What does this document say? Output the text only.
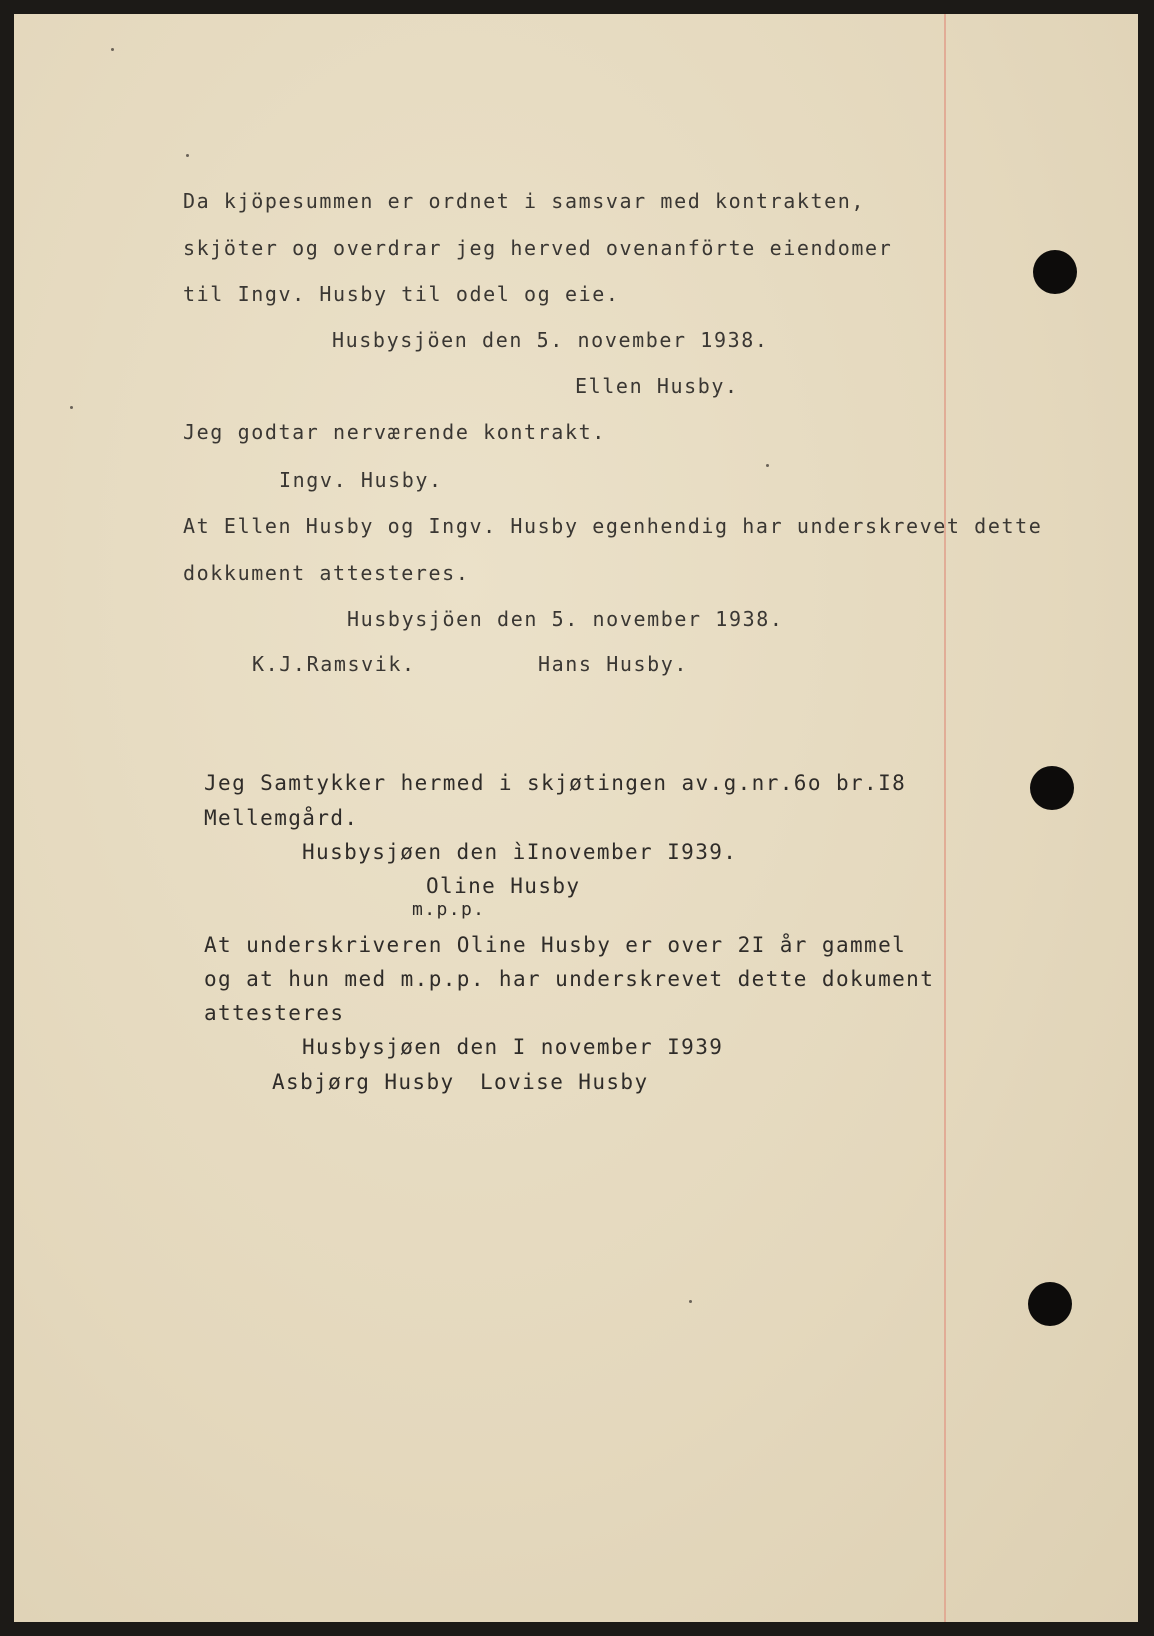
Da kjöpesummen er ordnet i samsvar med kontrakten,
skjöter og overdrar jeg herved ovenanförte eiendomer
til Ingv. Husby til odel og eie.
Husbysjöen den 5. november 1938.
Ellen Husby.
Jeg godtar nerværende kontrakt.
Ingv. Husby.
At Ellen Husby og Ingv. Husby egenhendig har underskrevet dette
dokkument attesteres.
Husbysjöen den 5. november 1938.
K.J.Ramsvik.	Hans Husby.
Jeg Samtykker hermed i skjøtingen av.g.nr.6o br.I8
Mellemgård.
Husbysjøen den ìInovember I939.
Oline Husby
m.p.p.
At underskriveren Oline Husby er over 2I år gammel
og at hun med m.p.p. har underskrevet dette dokument
attesteres
Husbysjøen den I november I939
Asbjørg Husby Lovise Husby
